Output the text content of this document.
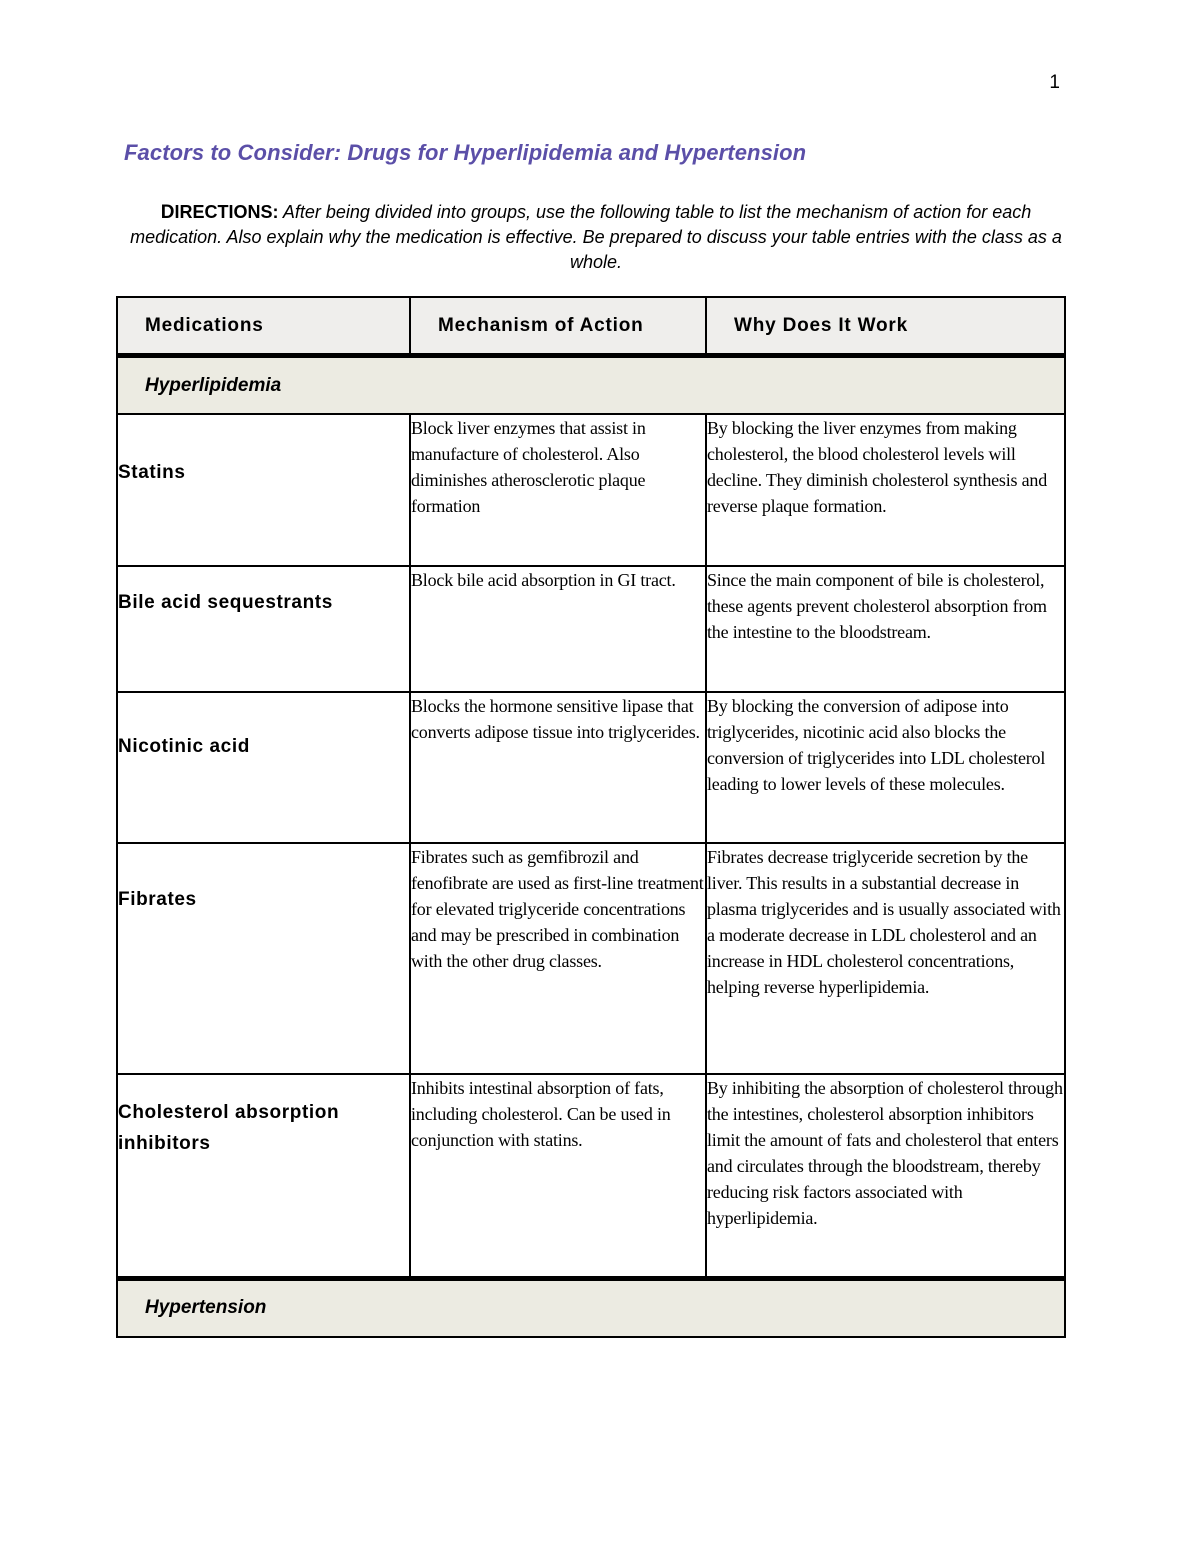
1
Factors to Consider: Drugs for Hyperlipidemia and Hypertension
DIRECTIONS: After being divided into groups, use the following table to list the mechanism of action for each medication. Also explain why the medication is effective. Be prepared to discuss your table entries with the class as a whole.
Medications	Mechanism of Action	Why Does It Work
Hyperlipidemia		
Statins	Block liver enzymes that assist in manufacture of cholesterol. Also diminishes atherosclerotic plaque formation	By blocking the liver enzymes from making cholesterol, the blood cholesterol levels will decline. They diminish cholesterol synthesis and reverse plaque formation.
Bile acid sequestrants	Block bile acid absorption in GI tract.	Since the main component of bile is cholesterol, these agents prevent cholesterol absorption from the intestine to the bloodstream.
Nicotinic acid	Blocks the hormone sensitive lipase that converts adipose tissue into triglycerides.	By blocking the conversion of adipose into triglycerides, nicotinic acid also blocks the conversion of triglycerides into LDL cholesterol leading to lower levels of these molecules.
Fibrates	Fibrates such as gemfibrozil and fenofibrate are used as first-line treatment for elevated triglyceride concentrations and may be prescribed in combination with the other drug classes.	Fibrates decrease triglyceride secretion by the liver. This results in a substantial decrease in plasma triglycerides and is usually associated with a moderate decrease in LDL cholesterol and an increase in HDL cholesterol concentrations, helping reverse hyperlipidemia.
Cholesterol absorption inhibitors	Inhibits intestinal absorption of fats, including cholesterol. Can be used in conjunction with statins.	By inhibiting the absorption of cholesterol through the intestines, cholesterol absorption inhibitors limit the amount of fats and cholesterol that enters and circulates through the bloodstream, thereby reducing risk factors associated with hyperlipidemia.
Hypertension		
